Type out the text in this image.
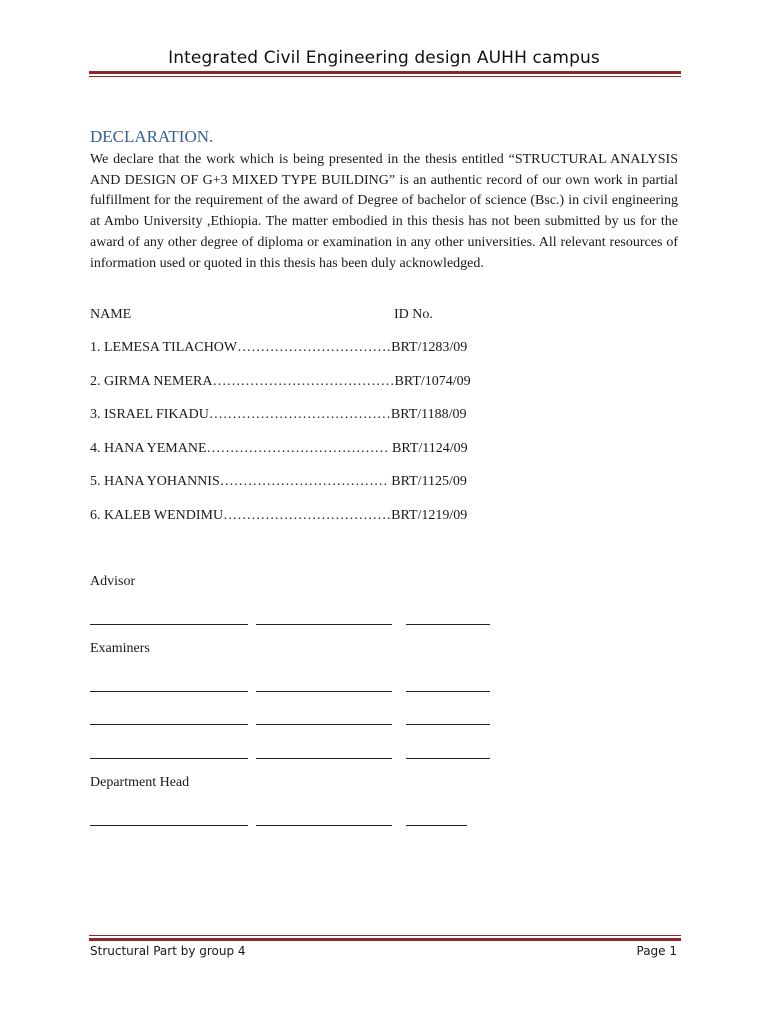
Integrated Civil Engineering design AUHH campus
DECLARATION.
We declare that the work which is being presented in the thesis entitled “STRUCTURAL ANALYSIS AND DESIGN OF G+3 MIXED TYPE BUILDING” is an authentic record of our own work in partial fulfillment for the requirement of the award of Degree of bachelor of science (Bsc.) in civil engineering at Ambo University ,Ethiopia. The matter embodied in this thesis has not been submitted by us for the award of any other degree of diploma or examination in any other universities. All relevant resources of information used or quoted in this thesis has been duly acknowledged.
NAME	ID No.
1. LEMESA TILACHOW……………………………BRT/1283/09
2. GIRMA NEMERA…………………………………BRT/1074/09
3. ISRAEL FIKADU…………………………………BRT/1188/09
4. HANA YEMANE………………………………… BRT/1124/09
5. HANA YOHANNIS……………………………… BRT/1125/09
6. KALEB WENDIMU………………………………BRT/1219/09
Advisor
Examiners
Department Head
Structural Part by group 4	Page 1
